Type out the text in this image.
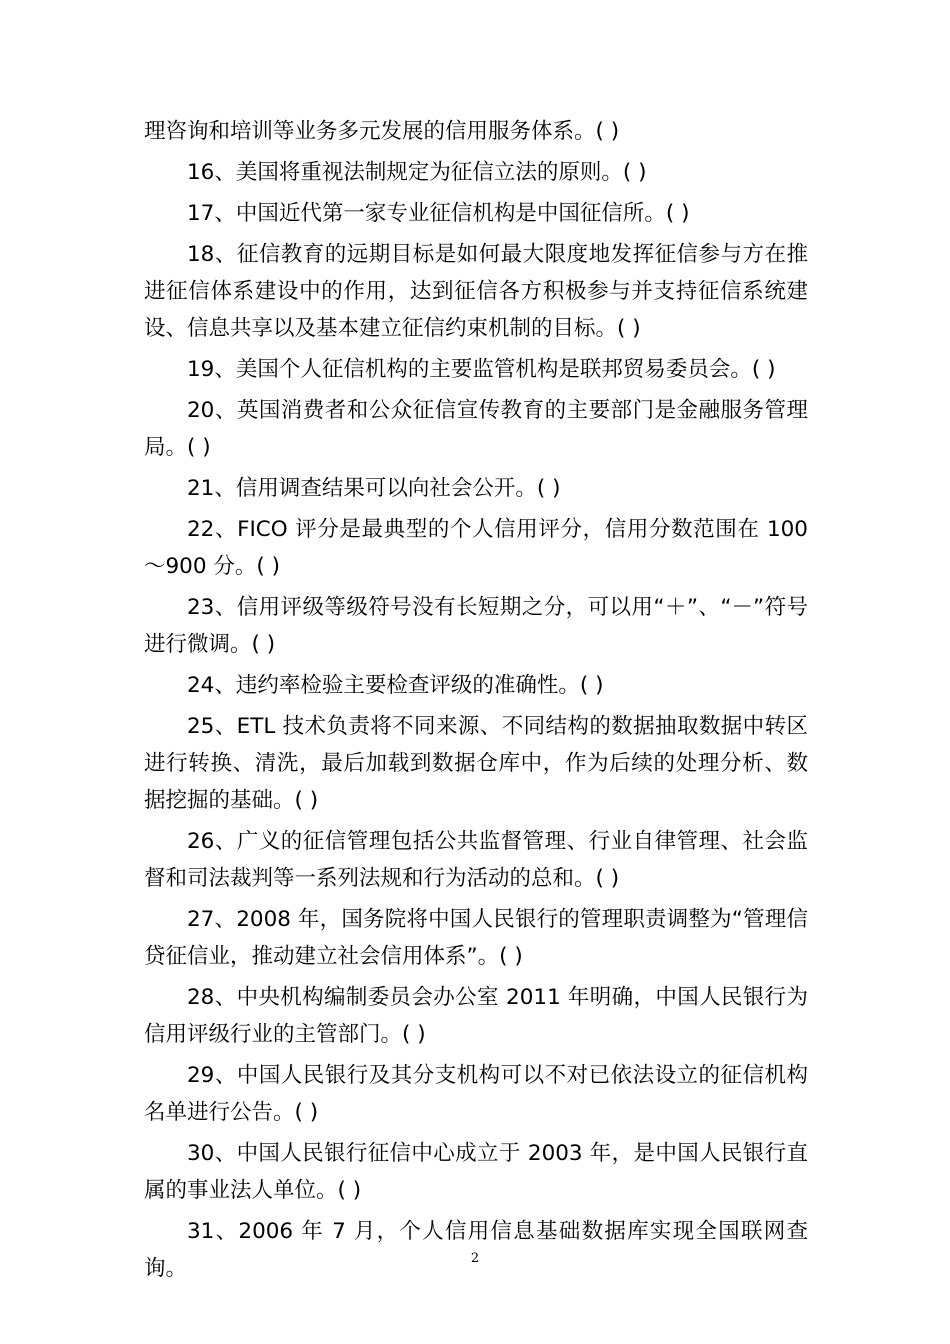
理咨询和培训等业务多元发展的信用服务体系。( )

16、美国将重视法制规定为征信立法的原则。( )

17、中国近代第一家专业征信机构是中国征信所。( )

18、征信教育的远期目标是如何最大限度地发挥征信参与方在推进征信体系建设中的作用，达到征信各方积极参与并支持征信系统建设、信息共享以及基本建立征信约束机制的目标。( )

19、美国个人征信机构的主要监管机构是联邦贸易委员会。( )

20、英国消费者和公众征信宣传教育的主要部门是金融服务管理局。( )

21、信用调查结果可以向社会公开。( )

22、FICO 评分是最典型的个人信用评分，信用分数范围在 100～900 分。( )

23、信用评级等级符号没有长短期之分，可以用“＋”、“－”符号进行微调。( )

24、违约率检验主要检查评级的准确性。( )

25、ETL 技术负责将不同来源、不同结构的数据抽取数据中转区进行转换、清洗，最后加载到数据仓库中，作为后续的处理分析、数据挖掘的基础。( )

26、广义的征信管理包括公共监督管理、行业自律管理、社会监督和司法裁判等一系列法规和行为活动的总和。( )

27、2008 年，国务院将中国人民银行的管理职责调整为“管理信贷征信业，推动建立社会信用体系”。( )

28、中央机构编制委员会办公室 2011 年明确，中国人民银行为信用评级行业的主管部门。( )

29、中国人民银行及其分支机构可以不对已依法设立的征信机构名单进行公告。( )

30、中国人民银行征信中心成立于 2003 年，是中国人民银行直属的事业法人单位。( )

31、2006 年 7 月，个人信用信息基础数据库实现全国联网查询。	2
